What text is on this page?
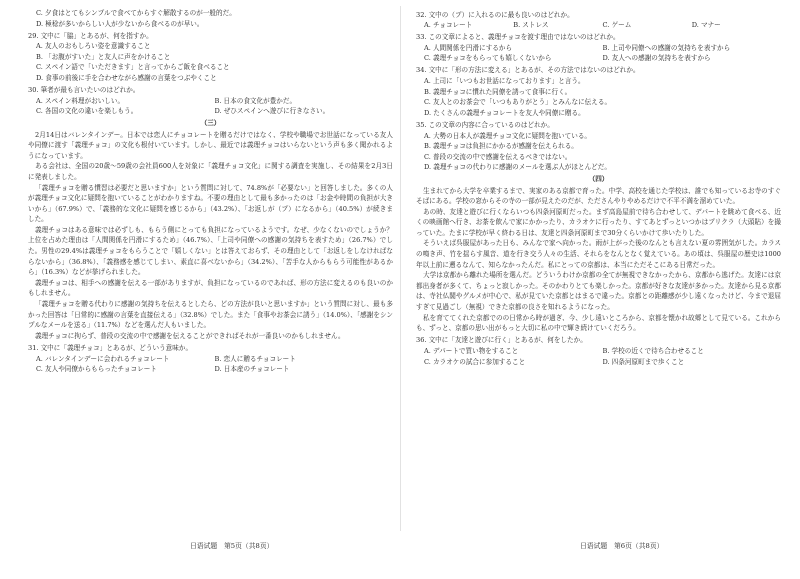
C. 夕食はとてもシンプルで食べてからすぐ解散するのが一般的だ。
D. 極稔が多いからしい人が少ないから食べるのが早い。
29. 文中に「脇」とあるが、何を指すか。
A. 友人のおもしろい姿を意識すること
B. 「お腹がすいた」と友人に声をかけること
C. スペイン語で「いただきます」と言ってからご飯を食べること
D. 食事の前後に手を合わせながら感謝の言葉をつぶやくこと
30. 筆者が最も言いたいのはどれか。
A. スペイン料理がおいしい。	B. 日本の食文化が豊かだ。
C. 各国の文化の違いを楽しもう。	D. ぜひスペインへ遊びに行きなさい。
（三）
2月14日はバレンタインデー。日本では恋人にチョコレートを贈るだけではなく、学校や職場でお世話になっている友人や同僚に渡す「義理チョコ」の文化も根付いています。しかし、最近では義理チョコはいらないという声も多く聞かれるようになっています。
ある会社は、全国の20歳～59歳の会社員600人を対象に「義理チョコ文化」に関する調査を実施し、その結果を2月3日に発表しました。
「義理チョコを贈る慣習は必要だと思いますか」という質問に対して、74.8%が「必要ない」と回答しました。多くの人が義理チョコ文化に疑問を抱いていることがわかりますね。不要の理由として最も多かったのは「お金や時間の負担が大きいから」（67.9%）で、「義務的な文化に疑問を感じるから」（43.2%）、「お返しが（プ）になるから」（40.5%）が続きました。
義理チョコはある意味では必ずしも、もらう側にとっても負担になっているようです。なぜ、少なくないのでしょうか？ 上位を占めた理由は「人間関係を円滑にするため」（46.7%）、「上司や同僚への感謝の気持ちを表すため」（26.7%）でした。男性の29.4%は義理チョコをもらうことで「嬉しくない」とは答えておらず、その理由として「お返しをしなければならないから」（36.8%）、「義務感を感じてしまい、素直に喜べないから」（34.2%）、「苦手な人からもらう可能性があるから」（16.3%）などが挙げられました。
義理チョコは、相手への感謝を伝える一部がありますが、負担になっているのであれば、形の方法に変えるのも良いのかもしれません。
「義理チョコを贈る代わりに感謝の気持ちを伝えるとしたら、どの方法が良いと思いますか」という質問に対し、最も多かった回答は「日常的に感謝の言葉を直接伝える」（32.8%）でした。また「食事やお茶会に誘う」（14.0%）、「感謝をシンプルなメールを送る」（11.7%）などを選んだ人もいました。
義理チョコに拘らず、普段の交流の中で感謝を伝えることができればそれが一番良いのかもしれません。
31. 文中に「義理チョコ」とあるが、どういう意味か。
A. バレンタインデーに会われるチョコレート	B. 恋人に贈るチョコレート
C. 友人や同僚からもらったチョコレート	D. 日本産のチョコレート
32. 文中の（プ）に入れるのに最も良いのはどれか。
A. チョコレート	B. ストレス	C. ゲーム	D. マナー
33. この文章によると、義理チョコを渡す理由ではないのはどれか。
A. 人間関係を円滑にするから	B. 上司や同僚への感謝の気持ちを表すから
C. 義理チョコをもらっても嬉しくないから	D. 友人への感謝の気持ちを表すから
34. 文中に「形の方法に変える」とあるが、その方法ではないのはどれか。
A. 上司に「いつもお世話になっております」と言う。
B. 義理チョコに慣れた同僚を誘って食事に行く。
C. 友人とのお茶会で「いつもありがとう」とみんなに伝える。
D. たくさんの義理チョコレートを友人や同僚に贈る。
35. この文章の内容に合っているのはどれか。
A. 大勢の日本人が義理チョコ文化に疑問を抱いている。
B. 義理チョコは負担にかかるが感謝を伝えられる。
C. 普段の交流の中で感謝を伝えるべきではない。
D. 義理チョコの代わりに感謝のメールを選ぶ人がほとんどだ。
（四）
生まれてから大学を卒業するまで、実家のある京都で育った。中学、高校を通じた学校は、誰でも知っているお寺のすぐそばにある。学校の窓からその寺の一部が見えたのだが、たださんやりやめるだけで不平不満を溜めていた。
あの時、友達と遊びに行くならいつも四条河原町だった。まず高島屋前で待ち合わせして、デパートを眺めて食べる、近くの映画館へ行き、お茶を飲んで家にかかったり、カラオケに行ったり、すてあとずっといつかはプリクラ（大頭貼）を撮っていた。たまに学校が早く終わる日は、友達と四条河原町まで30分くらいかけて歩いたりした。
そういえば呉服屋があった日も、みんなで家へ向かった。雨が上がった後のなんとも言えない夏の雰囲気がした。カラスの鳴き声、竹を揺らす風音、道を行き交う人々の生活、それらをなんとなく覚えている。あの頃は、呉服屋の歴史は1000年以上前に遡るなんて、知らなかったんだ。私にとっての京都は、本当にただそこにある日常だった。
大学は京都から離れた場所を選んだ。どういうわけか京都の全てが無視できなかったから、京都から逃げた。友達には京都出身者が多くて、ちょっと寂しかった。そのかわりとても楽しかった。京都が好きな友達が多かった。友達から見る京都は、寺社仏閣やグルメが中心で、私が見ていた京都とはまるで違った。京都との距離感が少し遠くなったけど、今まで退屈すぎて見過ごし（無視）できた京都の良さを知れるようになった。
私を育ててくれた京都でのの日常から時が過ぎ、今、少し遠いところから、京都を懐かれ故郷として見ている。これからも、ずっと、京都の思い出がもっと大切に私の中で輝き続けていくだろう。
36. 文中に「友達と遊びに行く」とあるが、何をしたか。
A. デパートで買い物をすること	B. 学校の近くで待ち合わせること
C. カラオケの試合に参加すること	D. 四条河原町まで歩くこと
日语试题　第5页（共8页）	日语试题　第6页（共8页）
